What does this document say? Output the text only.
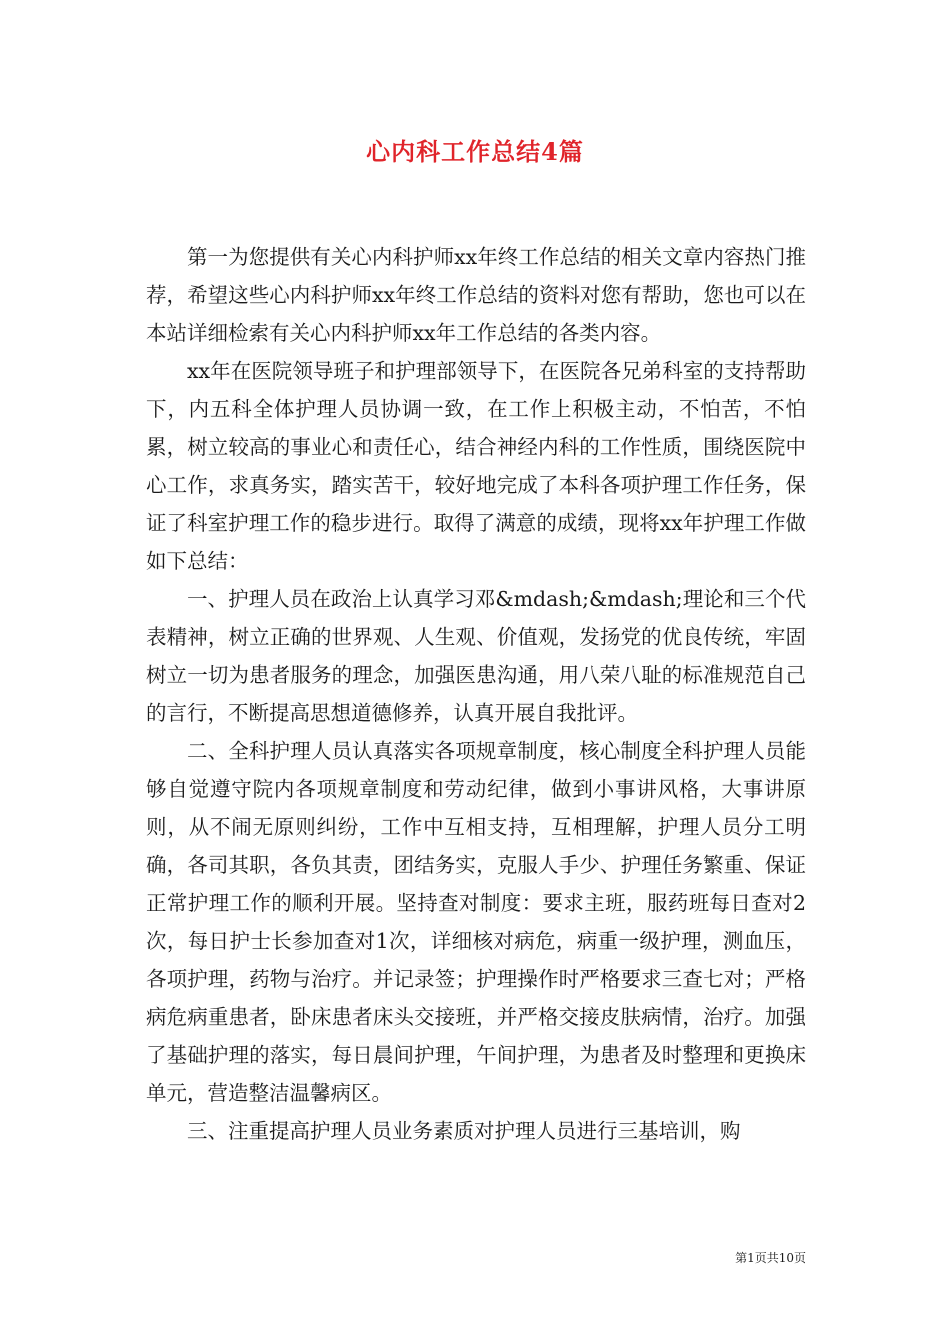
心内科工作总结4篇

第一为您提供有关心内科护师xx年终工作总结的相关文章内容热门推荐，希望这些心内科护师xx年终工作总结的资料对您有帮助，您也可以在本站详细检索有关心内科护师xx年工作总结的各类内容。

xx年在医院领导班子和护理部领导下，在医院各兄弟科室的支持帮助下，内五科全体护理人员协调一致，在工作上积极主动，不怕苦，不怕累，树立较高的事业心和责任心，结合神经内科的工作性质，围绕医院中心工作，求真务实，踏实苦干，较好地完成了本科各项护理工作任务，保证了科室护理工作的稳步进行。取得了满意的成绩，现将xx年护理工作做如下总结：

一、护理人员在政治上认真学习邓&mdash;&mdash;理论和三个代表精神，树立正确的世界观、人生观、价值观，发扬党的优良传统，牢固树立一切为患者服务的理念，加强医患沟通，用八荣八耻的标准规范自己的言行，不断提高思想道德修养，认真开展自我批评。

二、全科护理人员认真落实各项规章制度，核心制度全科护理人员能够自觉遵守院内各项规章制度和劳动纪律，做到小事讲风格，大事讲原则，从不闹无原则纠纷，工作中互相支持，互相理解，护理人员分工明确，各司其职，各负其责，团结务实，克服人手少、护理任务繁重、保证正常护理工作的顺利开展。坚持查对制度：要求主班，服药班每日查对2次，每日护士长参加查对1次，详细核对病危，病重一级护理，测血压，各项护理，药物与治疗。并记录签；护理操作时严格要求三查七对；严格病危病重患者，卧床患者床头交接班，并严格交接皮肤病情，治疗。加强了基础护理的落实，每日晨间护理，午间护理，为患者及时整理和更换床单元，营造整洁温馨病区。

三、注重提高护理人员业务素质对护理人员进行三基培训，购

第1页共10页
